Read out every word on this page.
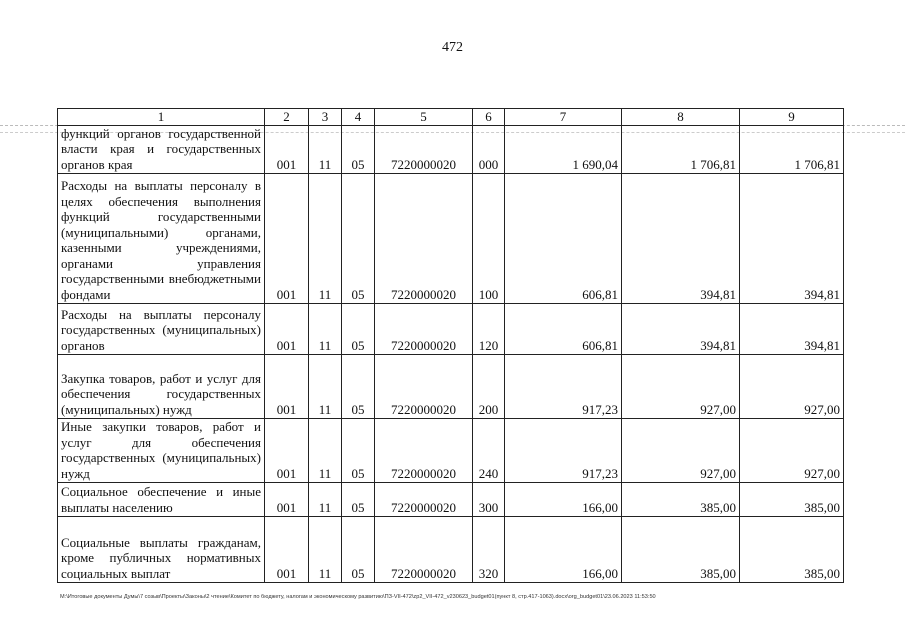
472
1	2	3	4	5	6	7	8	9
функций органов государственной власти края и государственных органов края	001	11	05	7220000020	000	1 690,04	1 706,81	1 706,81
Расходы на выплаты персоналу в целях обеспечения выполнения функций государственными (муниципальными) органами, казенными учреждениями, органами управления государственными внебюджетными фондами	001	11	05	7220000020	100	606,81	394,81	394,81
Расходы на выплаты персоналу государственных (муниципальных) органов	001	11	05	7220000020	120	606,81	394,81	394,81
Закупка товаров, работ и услуг для обеспечения государственных (муниципальных) нужд	001	11	05	7220000020	200	917,23	927,00	927,00
Иные закупки товаров, работ и услуг для обеспечения государственных (муниципальных) нужд	001	11	05	7220000020	240	917,23	927,00	927,00
Социальное обеспечение и иные выплаты населению	001	11	05	7220000020	300	166,00	385,00	385,00
Социальные выплаты гражданам, кроме публичных нормативных социальных выплат	001	11	05	7220000020	320	166,00	385,00	385,00
М:\Итоговые документы Думы\7 созыв\Проекты\Законы\2 чтение\Комитет по бюджету, налогам и экономическому развитию\ПЗ-VII-472\zp2_VII-472_v230623_budget01(пункт 8, стр.417-1063).docx\org_budget01\23.06.2023 11:53:50
